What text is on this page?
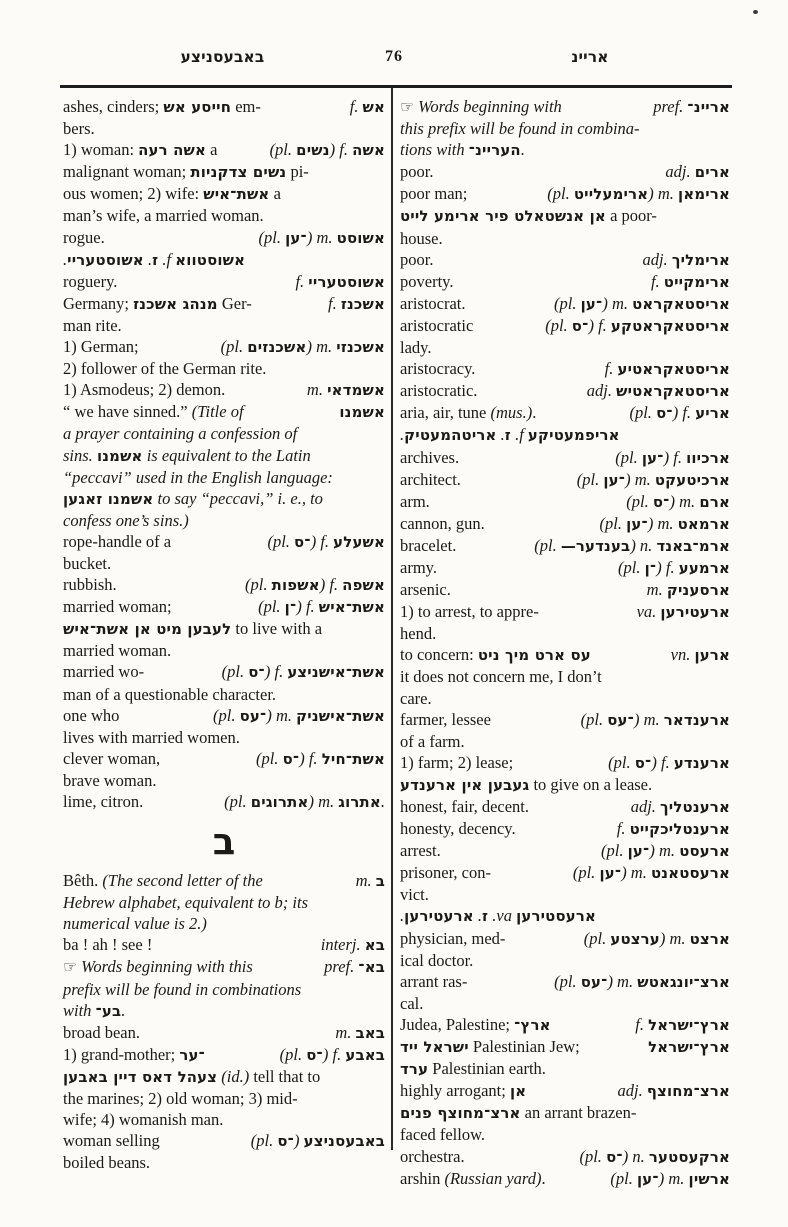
באבעסניצע	76	אריינ
ashes, cinders; חייסע אש em-	f. אש
bers.
1) woman: אשה רעה a	(pl. נשים) f. אשה
malignant woman; נשים צדקניות pi-
ous women; 2) wife: אשת־איש a
man’s wife, a married woman.
rogue.	(pl. ־ען) m. אשוסט
אשוסטווא f. ז. אשוסטעריי.
roguery.	f. אשוסטעריי
Germany; מנהג אשכנז Ger-	f. אשכנז
man rite.
1) German;	(pl. אשכנזים) m. אשכנזי
2) follower of the German rite.
1) Asmodeus; 2) demon.	m. אשמדאי
“ we have sinned.” (Title of	אשמנו
a prayer containing a confession of
sins. אשמנו is equivalent to the Latin
“peccavi” used in the English language:
אשמנו זאגען to say “peccavi,” i. e., to
confess one’s sins.)
rope-handle of a	(pl. ־ס) f. אשעלע
bucket.
rubbish.	(pl. אשפות) f. אשפה
married woman;	(pl. ־ן) f. אשת־איש
לעבען מיט אן אשת־איש to live with a
married woman.
married wo-	(pl. ־ס) f. אשת־אישניצע
man of a questionable character.
one who	(pl. ־עס) m. אשת־אישניק
lives with married women.
clever woman,	(pl. ־ס) f. אשת־חיל
brave woman.
lime, citron.	(pl. אתרוגים) m. אתרוג.
ב
Bêth. (The second letter of the	m. ב
Hebrew alphabet, equivalent to b; its
numerical value is 2.)
ba ! ah ! see !	interj. בא
☞ Words beginning with this	pref. בא־
prefix will be found in combinations
with בע־.
broad bean.	m. באב
1) grand-mother; ־ער	(pl. ־ס) f. באבע
צעהל דאס דיין באבען (id.) tell that to
the marines; 2) old woman; 3) mid-
wife; 4) womanish man.
woman selling	(pl. ־ס) באבעסניצע
boiled beans.
☞ Words beginning with	pref. אריינ־
this prefix will be found in combina-
tions with העריינ־.
poor.	adj. ארים
poor man;	(pl. ארימעלייט) m. ארימאן
אן אנשטאלט פיר ארימע לייט a poor-
house.
poor.	adj. ארימליך
poverty.	f. ארימקייט
aristocrat.	(pl. ־ען) m. אריסטאקראט
aristocratic	(pl. ־ס) f. אריסטאקראטקע
lady.
aristocracy.	f. אריסטאקראטיע
aristocratic.	adj. אריסטאקראטיש
aria, air, tune (mus.).	(pl. ־ס) f. אריע
אריפמעטיקע f. ז. אריטהמעטיק.
archives.	(pl. ־ען) f. ארכיוו
architect.	(pl. ־ען) m. ארכיטעקט
arm.	(pl. ־ס) m. ארם
cannon, gun.	(pl. ־ען) m. ארמאט
bracelet.	(pl. —בענדער) n. ארמ־באנד
army.	(pl. ־ן) f. ארמעע
arsenic.	m. ארסעניק
1) to arrest, to appre-	va. ארעטירען
hend.
to concern: עס ארט מיך ניט	vn. ארען
it does not concern me, I don’t
care.
farmer, lessee	(pl. ־עס) m. ארענדאר
of a farm.
1) farm; 2) lease;	(pl. ־ס) f. ארענדע
געבען אין ארענדע to give on a lease.
honest, fair, decent.	adj. ארענטליך
honesty, decency.	f. ארענטליכקייט
arrest.	(pl. ־ען) m. ארעסט
prisoner, con-	(pl. ־ען) m. ארעסטאנט
vict.
ארעסטירען va. ז. ארעטירען.
physician, med-	(pl. ערצטע) m. ארצט
ical doctor.
arrant ras-	(pl. ־עס) m. ארצ־יונגאטש
cal.
Judea, Palestine; ארץ־	f. ארץ־ישראל
ישראל ייד Palestinian Jew;	ארץ־ישראל
ערד Palestinian earth.
highly arrogant; אן	adj. ארצ־מחוצף
ארצ־מחוצף פנים an arrant brazen-
faced fellow.
orchestra.	(pl. ־ס) n. ארקעסטער
arshin (Russian yard).	(pl. ־ען) m. ארשין
